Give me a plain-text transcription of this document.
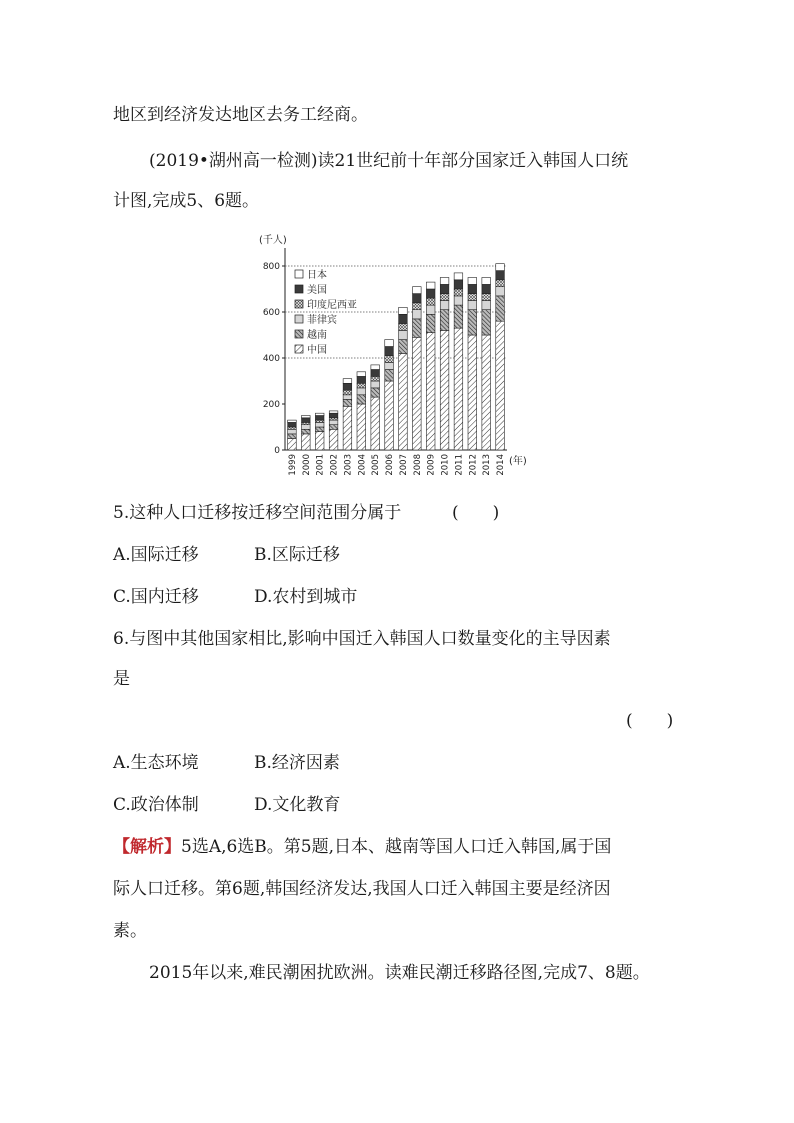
地区到经济发达地区去务工经商。
(2019•湖州高一检测)读21世纪前十年部分国家迁入韩国人口统
计图,完成5、6题。
(千人)
(年)
0
200
400
600
800
1999 2000 2001 2002 2003 2004 2005 2006 2007 2008 2009 2010 2011 2012 2013 2014
日本
美国
印度尼西亚
菲律宾
越南
中国
5.这种人口迁移按迁移空间范围分属于	(　　)
A.国际迁移	B.区际迁移
C.国内迁移	D.农村到城市
6.与图中其他国家相比,影响中国迁入韩国人口数量变化的主导因素
是
(　　)
A.生态环境	B.经济因素
C.政治体制	D.文化教育
【解析】5选A,6选B。第5题,日本、越南等国人口迁入韩国,属于国
际人口迁移。第6题,韩国经济发达,我国人口迁入韩国主要是经济因
素。
2015年以来,难民潮困扰欧洲。读难民潮迁移路径图,完成7、8题。
